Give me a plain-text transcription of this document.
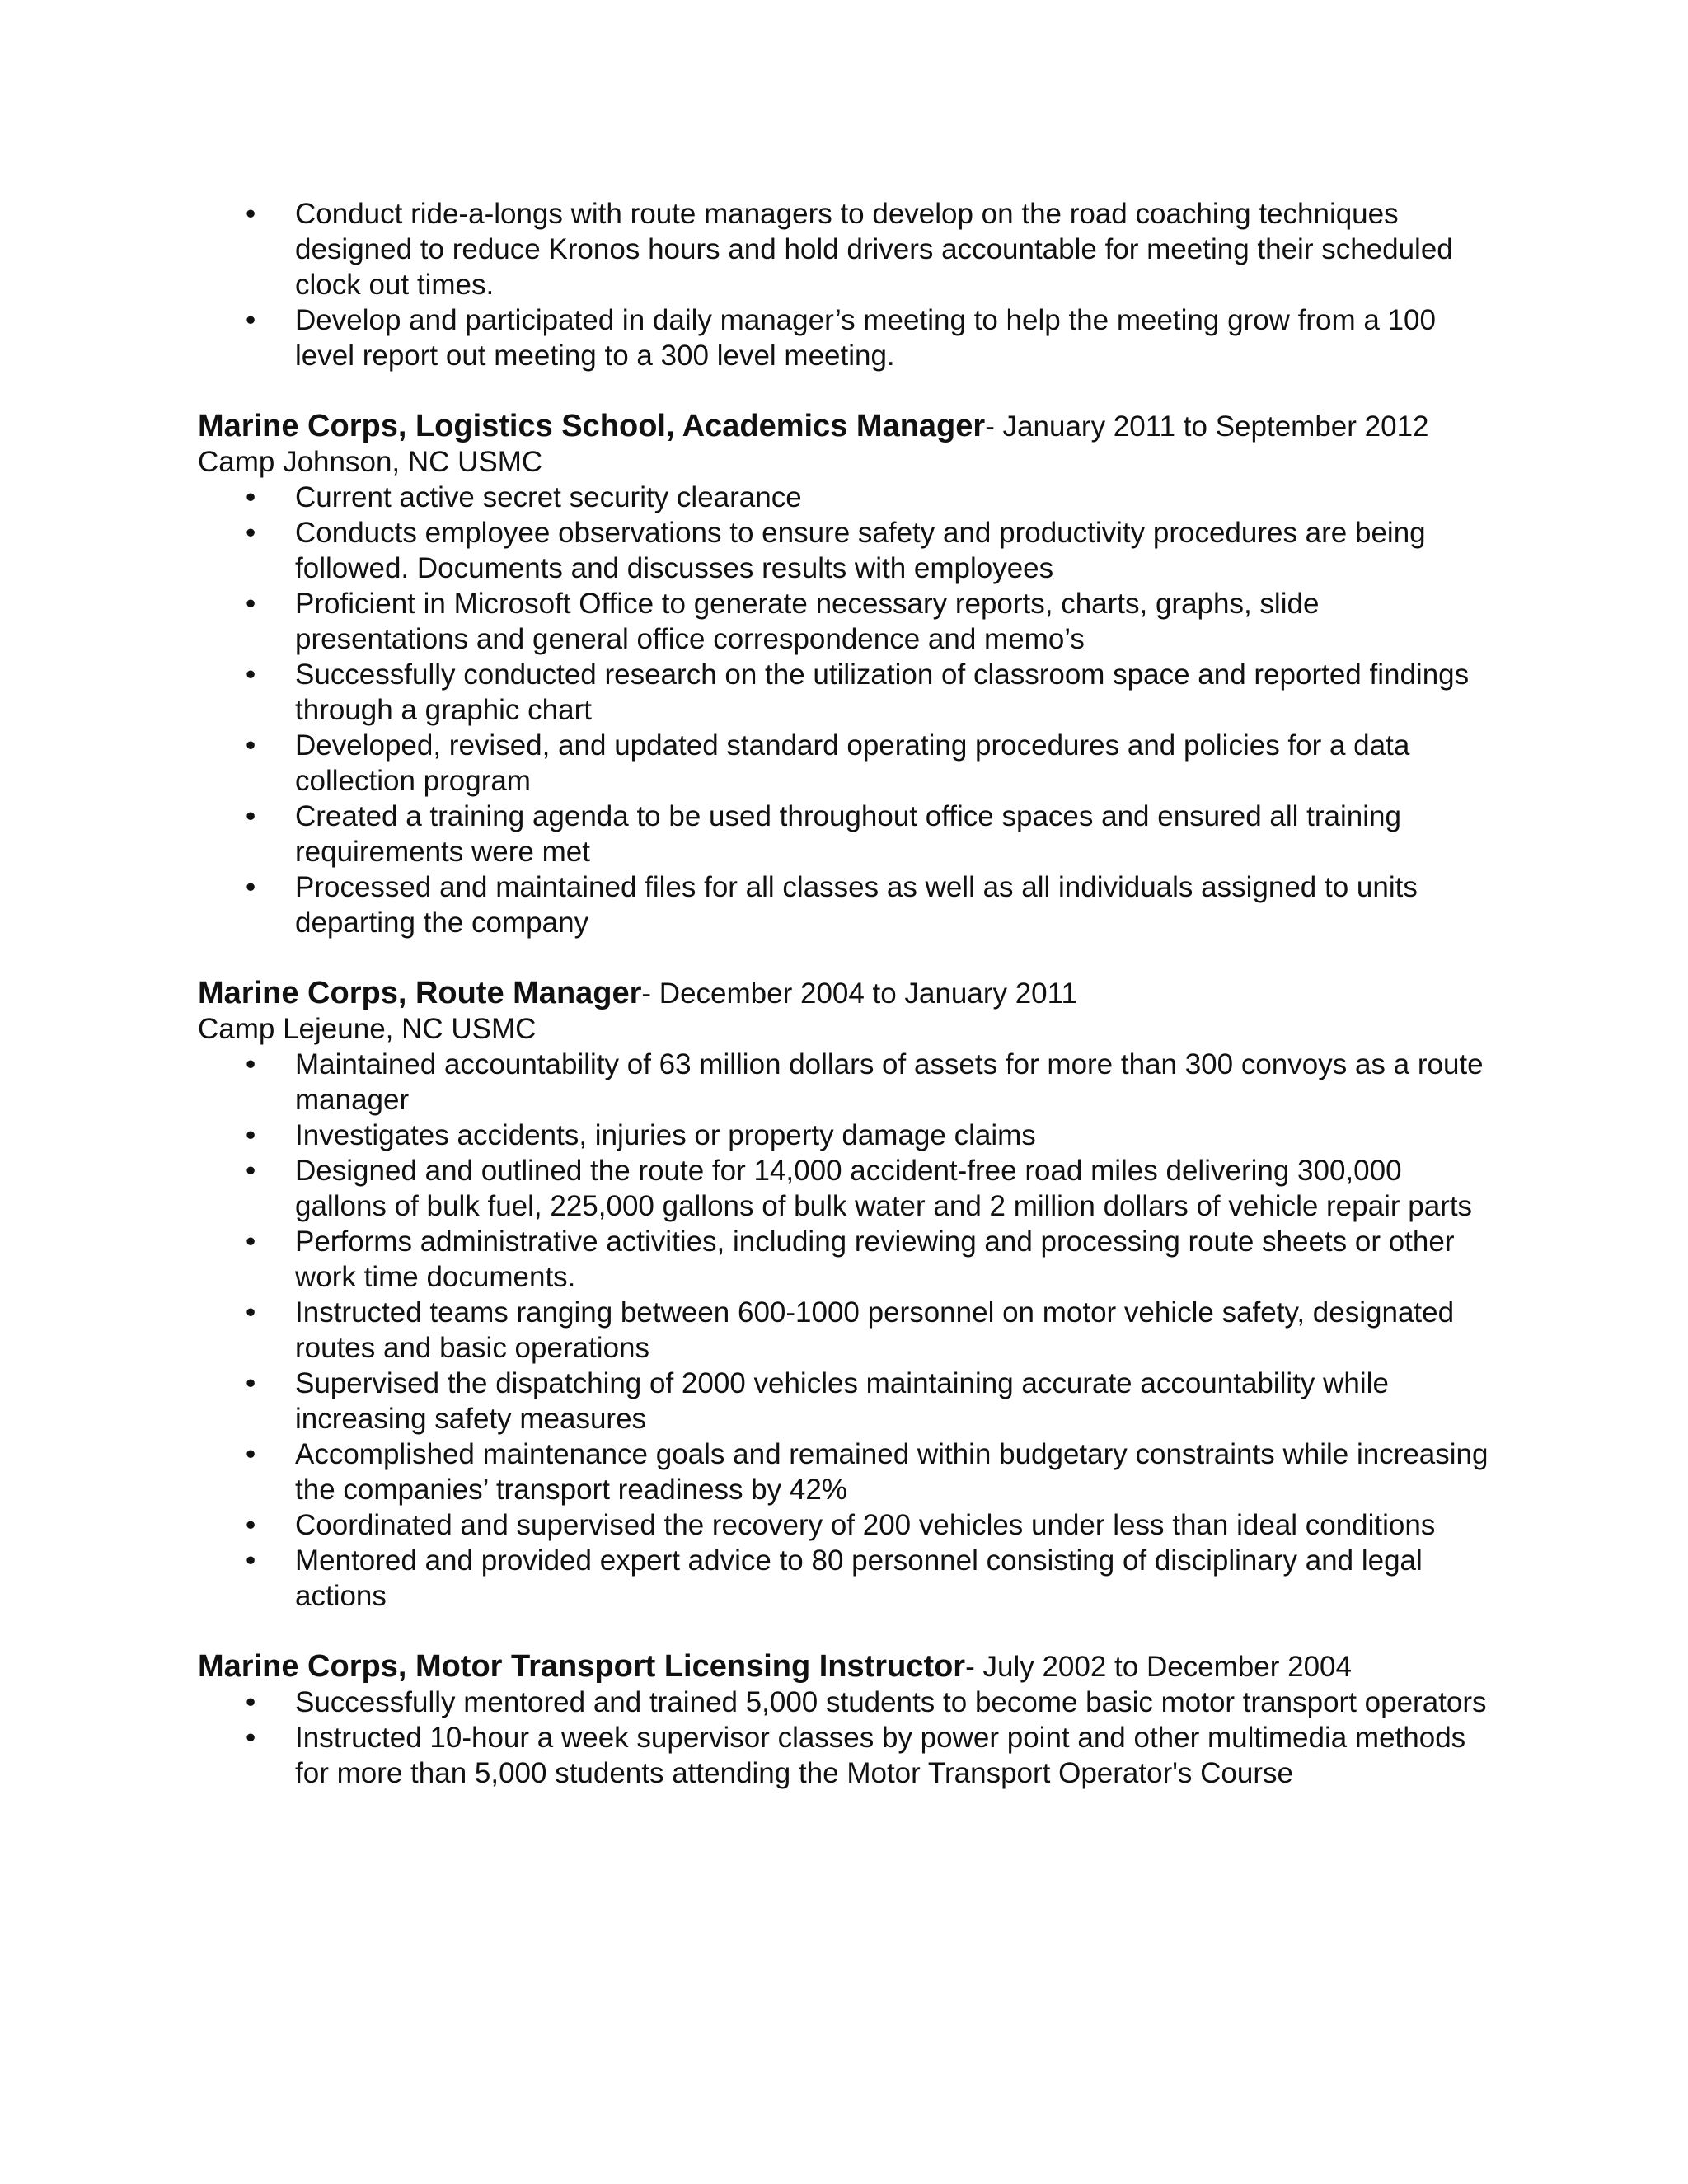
• Conduct ride-a-longs with route managers to develop on the road coaching techniques designed to reduce Kronos hours and hold drivers accountable for meeting their scheduled clock out times.
• Develop and participated in daily manager’s meeting to help the meeting grow from a 100 level report out meeting to a 300 level meeting.
Marine Corps, Logistics School, Academics Manager- January 2011 to September 2012
Camp Johnson, NC USMC
• Current active secret security clearance
• Conducts employee observations to ensure safety and productivity procedures are being followed. Documents and discusses results with employees
• Proficient in Microsoft Office to generate necessary reports, charts, graphs, slide presentations and general office correspondence and memo’s
• Successfully conducted research on the utilization of classroom space and reported findings through a graphic chart
• Developed, revised, and updated standard operating procedures and policies for a data collection program
• Created a training agenda to be used throughout office spaces and ensured all training requirements were met
• Processed and maintained files for all classes as well as all individuals assigned to units departing the company
Marine Corps, Route Manager- December 2004 to January 2011
Camp Lejeune, NC USMC
• Maintained accountability of 63 million dollars of assets for more than 300 convoys as a route manager
• Investigates accidents, injuries or property damage claims
• Designed and outlined the route for 14,000 accident-free road miles delivering 300,000 gallons of bulk fuel, 225,000 gallons of bulk water and 2 million dollars of vehicle repair parts
• Performs administrative activities, including reviewing and processing route sheets or other work time documents.
• Instructed teams ranging between 600-1000 personnel on motor vehicle safety, designated routes and basic operations
• Supervised the dispatching of 2000 vehicles maintaining accurate accountability while increasing safety measures
• Accomplished maintenance goals and remained within budgetary constraints while increasing the companies’ transport readiness by 42%
• Coordinated and supervised the recovery of 200 vehicles under less than ideal conditions
• Mentored and provided expert advice to 80 personnel consisting of disciplinary and legal actions
Marine Corps, Motor Transport Licensing Instructor- July 2002 to December 2004
• Successfully mentored and trained 5,000 students to become basic motor transport operators
• Instructed 10-hour a week supervisor classes by power point and other multimedia methods for more than 5,000 students attending the Motor Transport Operator's Course
